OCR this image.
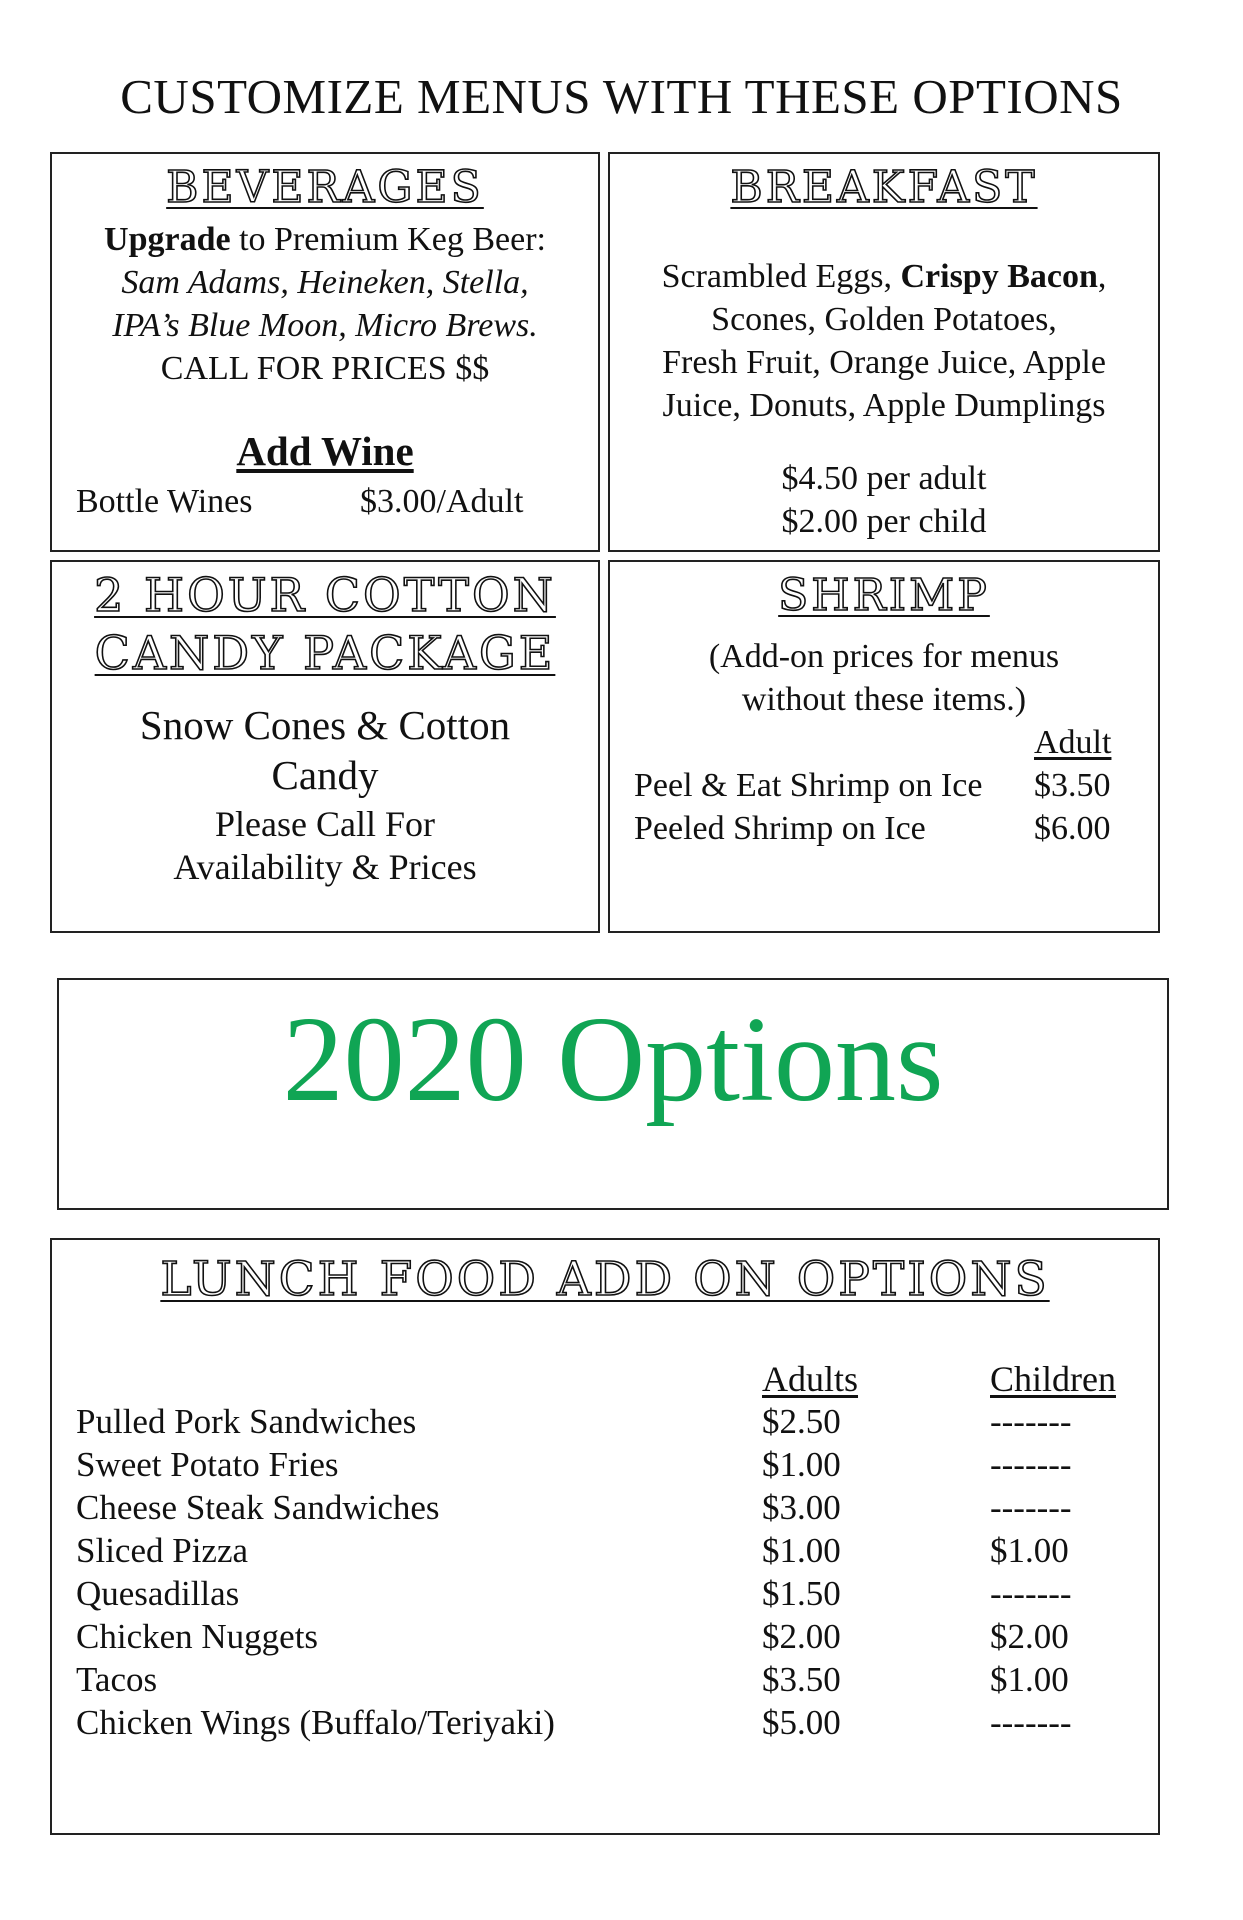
CUSTOMIZE MENUS WITH THESE OPTIONS
BEVERAGES
Upgrade to Premium Keg Beer:
Sam Adams, Heineken, Stella,
IPA’s Blue Moon, Micro Brews.
CALL FOR PRICES $$
Add Wine
Bottle Wines	$3.00/Adult
BREAKFAST
Scrambled Eggs, Crispy Bacon,
Scones, Golden Potatoes,
Fresh Fruit, Orange Juice, Apple
Juice, Donuts, Apple Dumplings
$4.50 per adult
$2.00 per child
2 HOUR COTTON
CANDY PACKAGE
Snow Cones & Cotton
Candy
Please Call For
Availability & Prices
SHRIMP
(Add-on prices for menus
without these items.)
Adult
Peel & Eat Shrimp on Ice $3.50
Peeled Shrimp on Ice	$6.00
2020 Options
LUNCH FOOD ADD ON OPTIONS
Adults	Children
Pulled Pork Sandwiches	$2.50	-------
Sweet Potato Fries	$1.00	-------
Cheese Steak Sandwiches	$3.00	-------
Sliced Pizza	$1.00	$1.00
Quesadillas	$1.50	-------
Chicken Nuggets	$2.00	$2.00
Tacos	$3.50	$1.00
Chicken Wings (Buffalo/Teriyaki)	$5.00	-------
